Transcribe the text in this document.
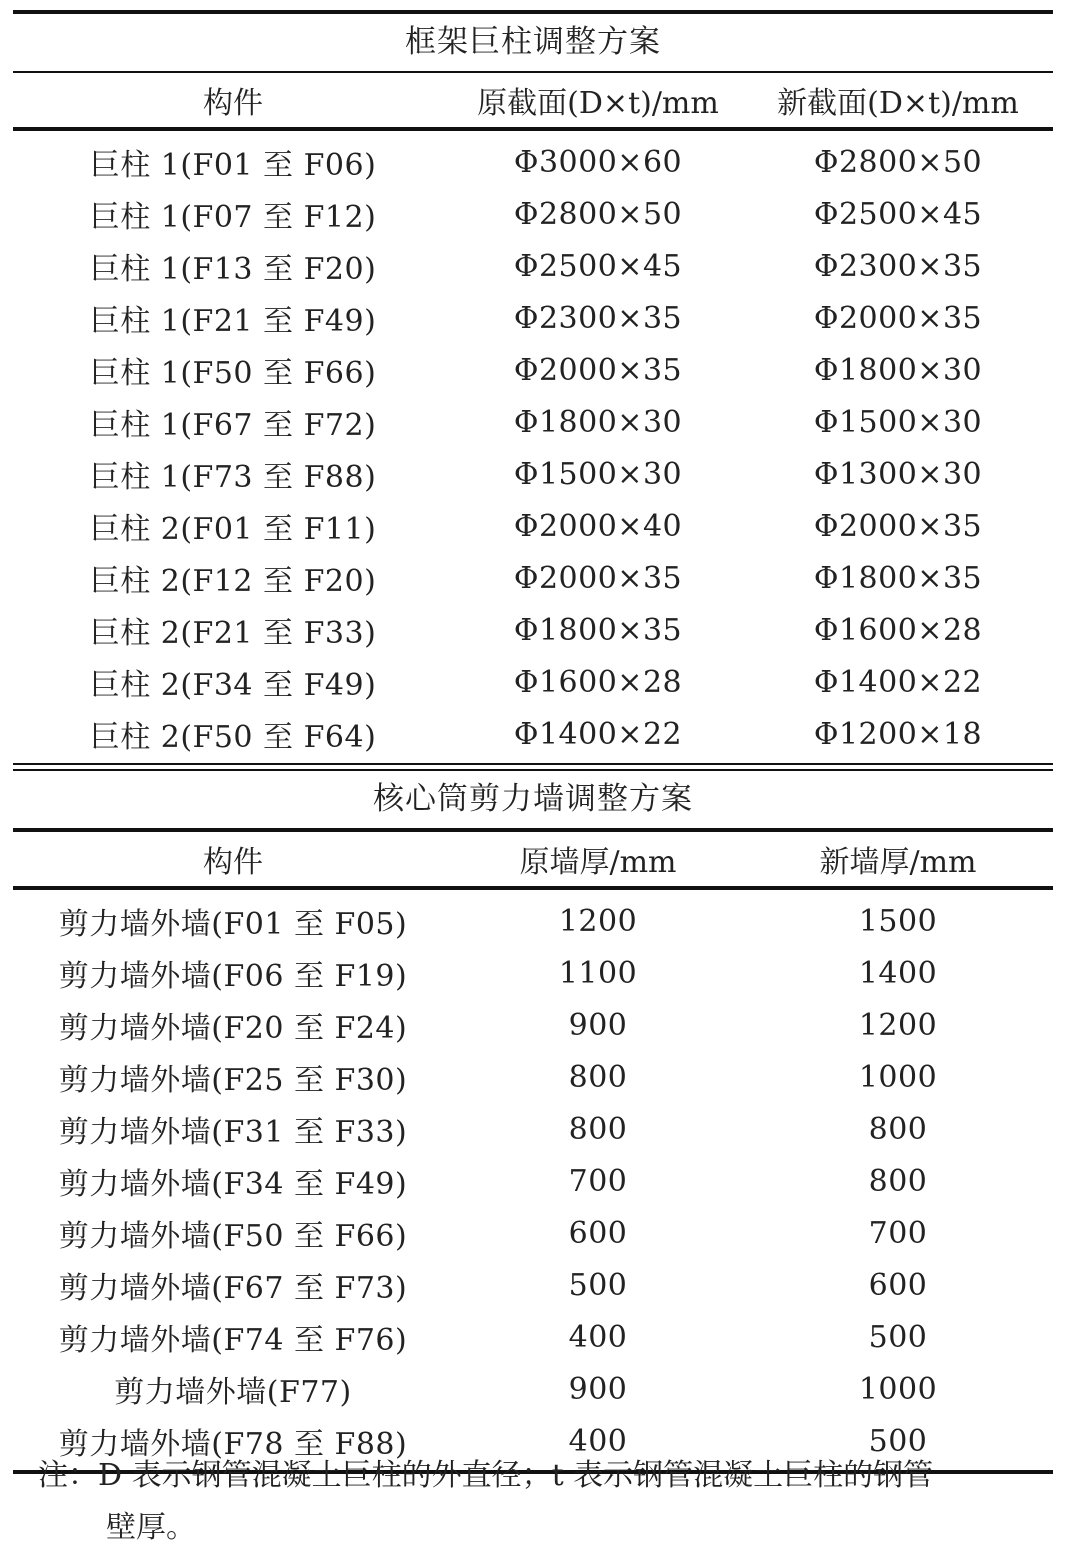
框架巨柱调整方案
构件	原截面(D×t)/mm	新截面(D×t)/mm
巨柱 1(F01 至 F06)	Φ3000×60	Φ2800×50
巨柱 1(F07 至 F12)	Φ2800×50	Φ2500×45
巨柱 1(F13 至 F20)	Φ2500×45	Φ2300×35
巨柱 1(F21 至 F49)	Φ2300×35	Φ2000×35
巨柱 1(F50 至 F66)	Φ2000×35	Φ1800×30
巨柱 1(F67 至 F72)	Φ1800×30	Φ1500×30
巨柱 1(F73 至 F88)	Φ1500×30	Φ1300×30
巨柱 2(F01 至 F11)	Φ2000×40	Φ2000×35
巨柱 2(F12 至 F20)	Φ2000×35	Φ1800×35
巨柱 2(F21 至 F33)	Φ1800×35	Φ1600×28
巨柱 2(F34 至 F49)	Φ1600×28	Φ1400×22
巨柱 2(F50 至 F64)	Φ1400×22	Φ1200×18
核心筒剪力墙调整方案
构件	原墙厚/mm	新墙厚/mm
剪力墙外墙(F01 至 F05)	1200	1500
剪力墙外墙(F06 至 F19)	1100	1400
剪力墙外墙(F20 至 F24)	900	1200
剪力墙外墙(F25 至 F30)	800	1000
剪力墙外墙(F31 至 F33)	800	800
剪力墙外墙(F34 至 F49)	700	800
剪力墙外墙(F50 至 F66)	600	700
剪力墙外墙(F67 至 F73)	500	600
剪力墙外墙(F74 至 F76)	400	500
剪力墙外墙(F77)	900	1000
剪力墙外墙(F78 至 F88)	400	500
注：D 表示钢管混凝土巨柱的外直径；t 表示钢管混凝土巨柱的钢管
壁厚。
